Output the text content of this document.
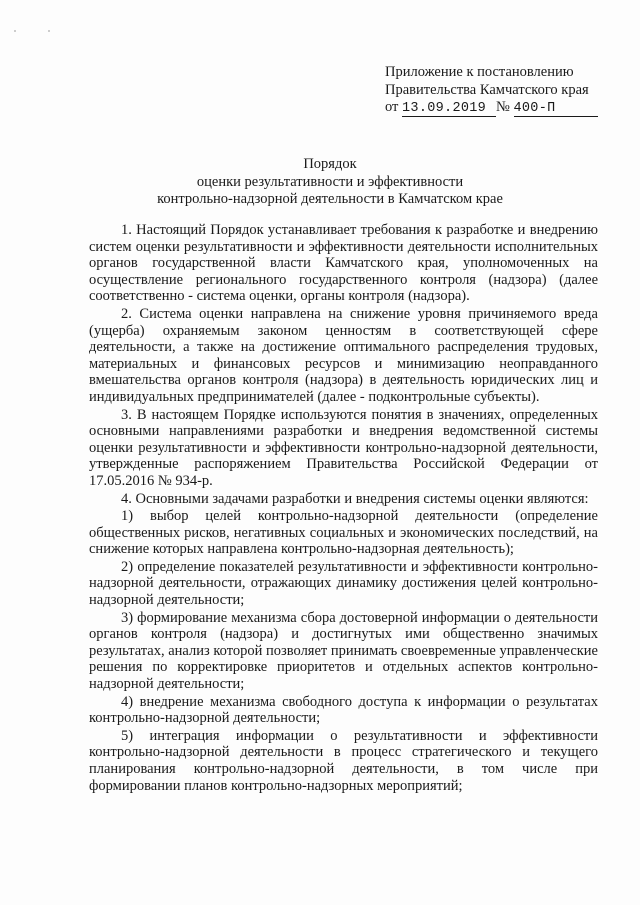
Приложение к постановлению
Правительства Камчатского края
от 13.09.2019 № 400-П
Порядок
оценки результативности и эффективности
контрольно-надзорной деятельности в Камчатском крае

1. Настоящий Порядок устанавливает требования к разработке и внедрению систем оценки результативности и эффективности деятельности исполнительных органов государственной власти Камчатского края, уполномоченных на осуществление регионального государственного контроля (надзора) (далее соответственно - система оценки, органы контроля (надзора).

2. Система оценки направлена на снижение уровня причиняемого вреда (ущерба) охраняемым законом ценностям в соответствующей сфере деятельности, а также на достижение оптимального распределения трудовых, материальных и финансовых ресурсов и минимизацию неоправданного вмешательства органов контроля (надзора) в деятельность юридических лиц и индивидуальных предпринимателей (далее - подконтрольные субъекты).

3. В настоящем Порядке используются понятия в значениях, определенных основными направлениями разработки и внедрения ведомственной системы оценки результативности и эффективности контрольно-надзорной деятельности, утвержденные распоряжением Правительства Российской Федерации от 17.05.2016 № 934-р.

4. Основными задачами разработки и внедрения системы оценки являются:

1) выбор целей контрольно-надзорной деятельности (определение общественных рисков, негативных социальных и экономических последствий, на снижение которых направлена контрольно-надзорная деятельность);

2) определение показателей результативности и эффективности контрольно-надзорной деятельности, отражающих динамику достижения целей контрольно-надзорной деятельности;

3) формирование механизма сбора достоверной информации о деятельности органов контроля (надзора) и достигнутых ими общественно значимых результатах, анализ которой позволяет принимать своевременные управленческие решения по корректировке приоритетов и отдельных аспектов контрольно-надзорной деятельности;

4) внедрение механизма свободного доступа к информации о результатах контрольно-надзорной деятельности;

5) интеграция информации о результативности и эффективности контрольно-надзорной деятельности в процесс стратегического и текущего планирования контрольно-надзорной деятельности, в том числе при формировании планов контрольно-надзорных мероприятий;
